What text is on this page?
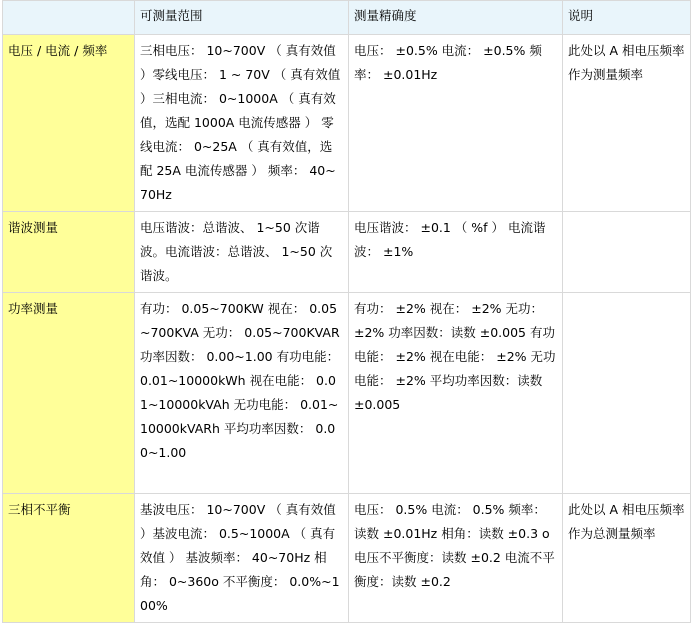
	可测量范围	测量精确度	说明
电压 / 电流 / 频率	三相电压： 10~700V （ 真有效值 ）零线电压： 1 ~ 70V （ 真有效值 ）三相电流： 0~1000A （ 真有效值，选配 1000A 电流传感器 ） 零线电流： 0~25A （ 真有效值，选配 25A 电流传感器 ） 频率： 40~70Hz	电压： ±0.5% 电流： ±0.5% 频率： ±0.01Hz	此处以 A 相电压频率作为测量频率
谐波测量	电压谐波：总谐波、 1~50 次谐波。电流谐波：总谐波、 1~50 次谐波。	电压谐波： ±0.1 （ %f ） 电流谐波： ±1%	
功率测量	有功： 0.05~700KW 视在： 0.05~700KVA 无功： 0.05~700KVAR 功率因数： 0.00~1.00 有功电能： 0.01~10000kWh 视在电能： 0.01~10000kVAh 无功电能： 0.01~10000kVARh 平均功率因数： 0.00~1.00	有功： ±2% 视在： ±2% 无功： ±2% 功率因数：读数 ±0.005 有功电能： ±2% 视在电能： ±2% 无功电能： ±2% 平均功率因数：读数 ±0.005	
三相不平衡	基波电压： 10~700V （ 真有效值 ）基波电流： 0.5~1000A （ 真有效值 ） 基波频率： 40~70Hz 相角： 0~360o 不平衡度： 0.0%~100%	电压： 0.5% 电流： 0.5% 频率：读数 ±0.01Hz 相角：读数 ±0.3 o 电压不平衡度：读数 ±0.2 电流不平衡度：读数 ±0.2	此处以 A 相电压频率作为总测量频率
